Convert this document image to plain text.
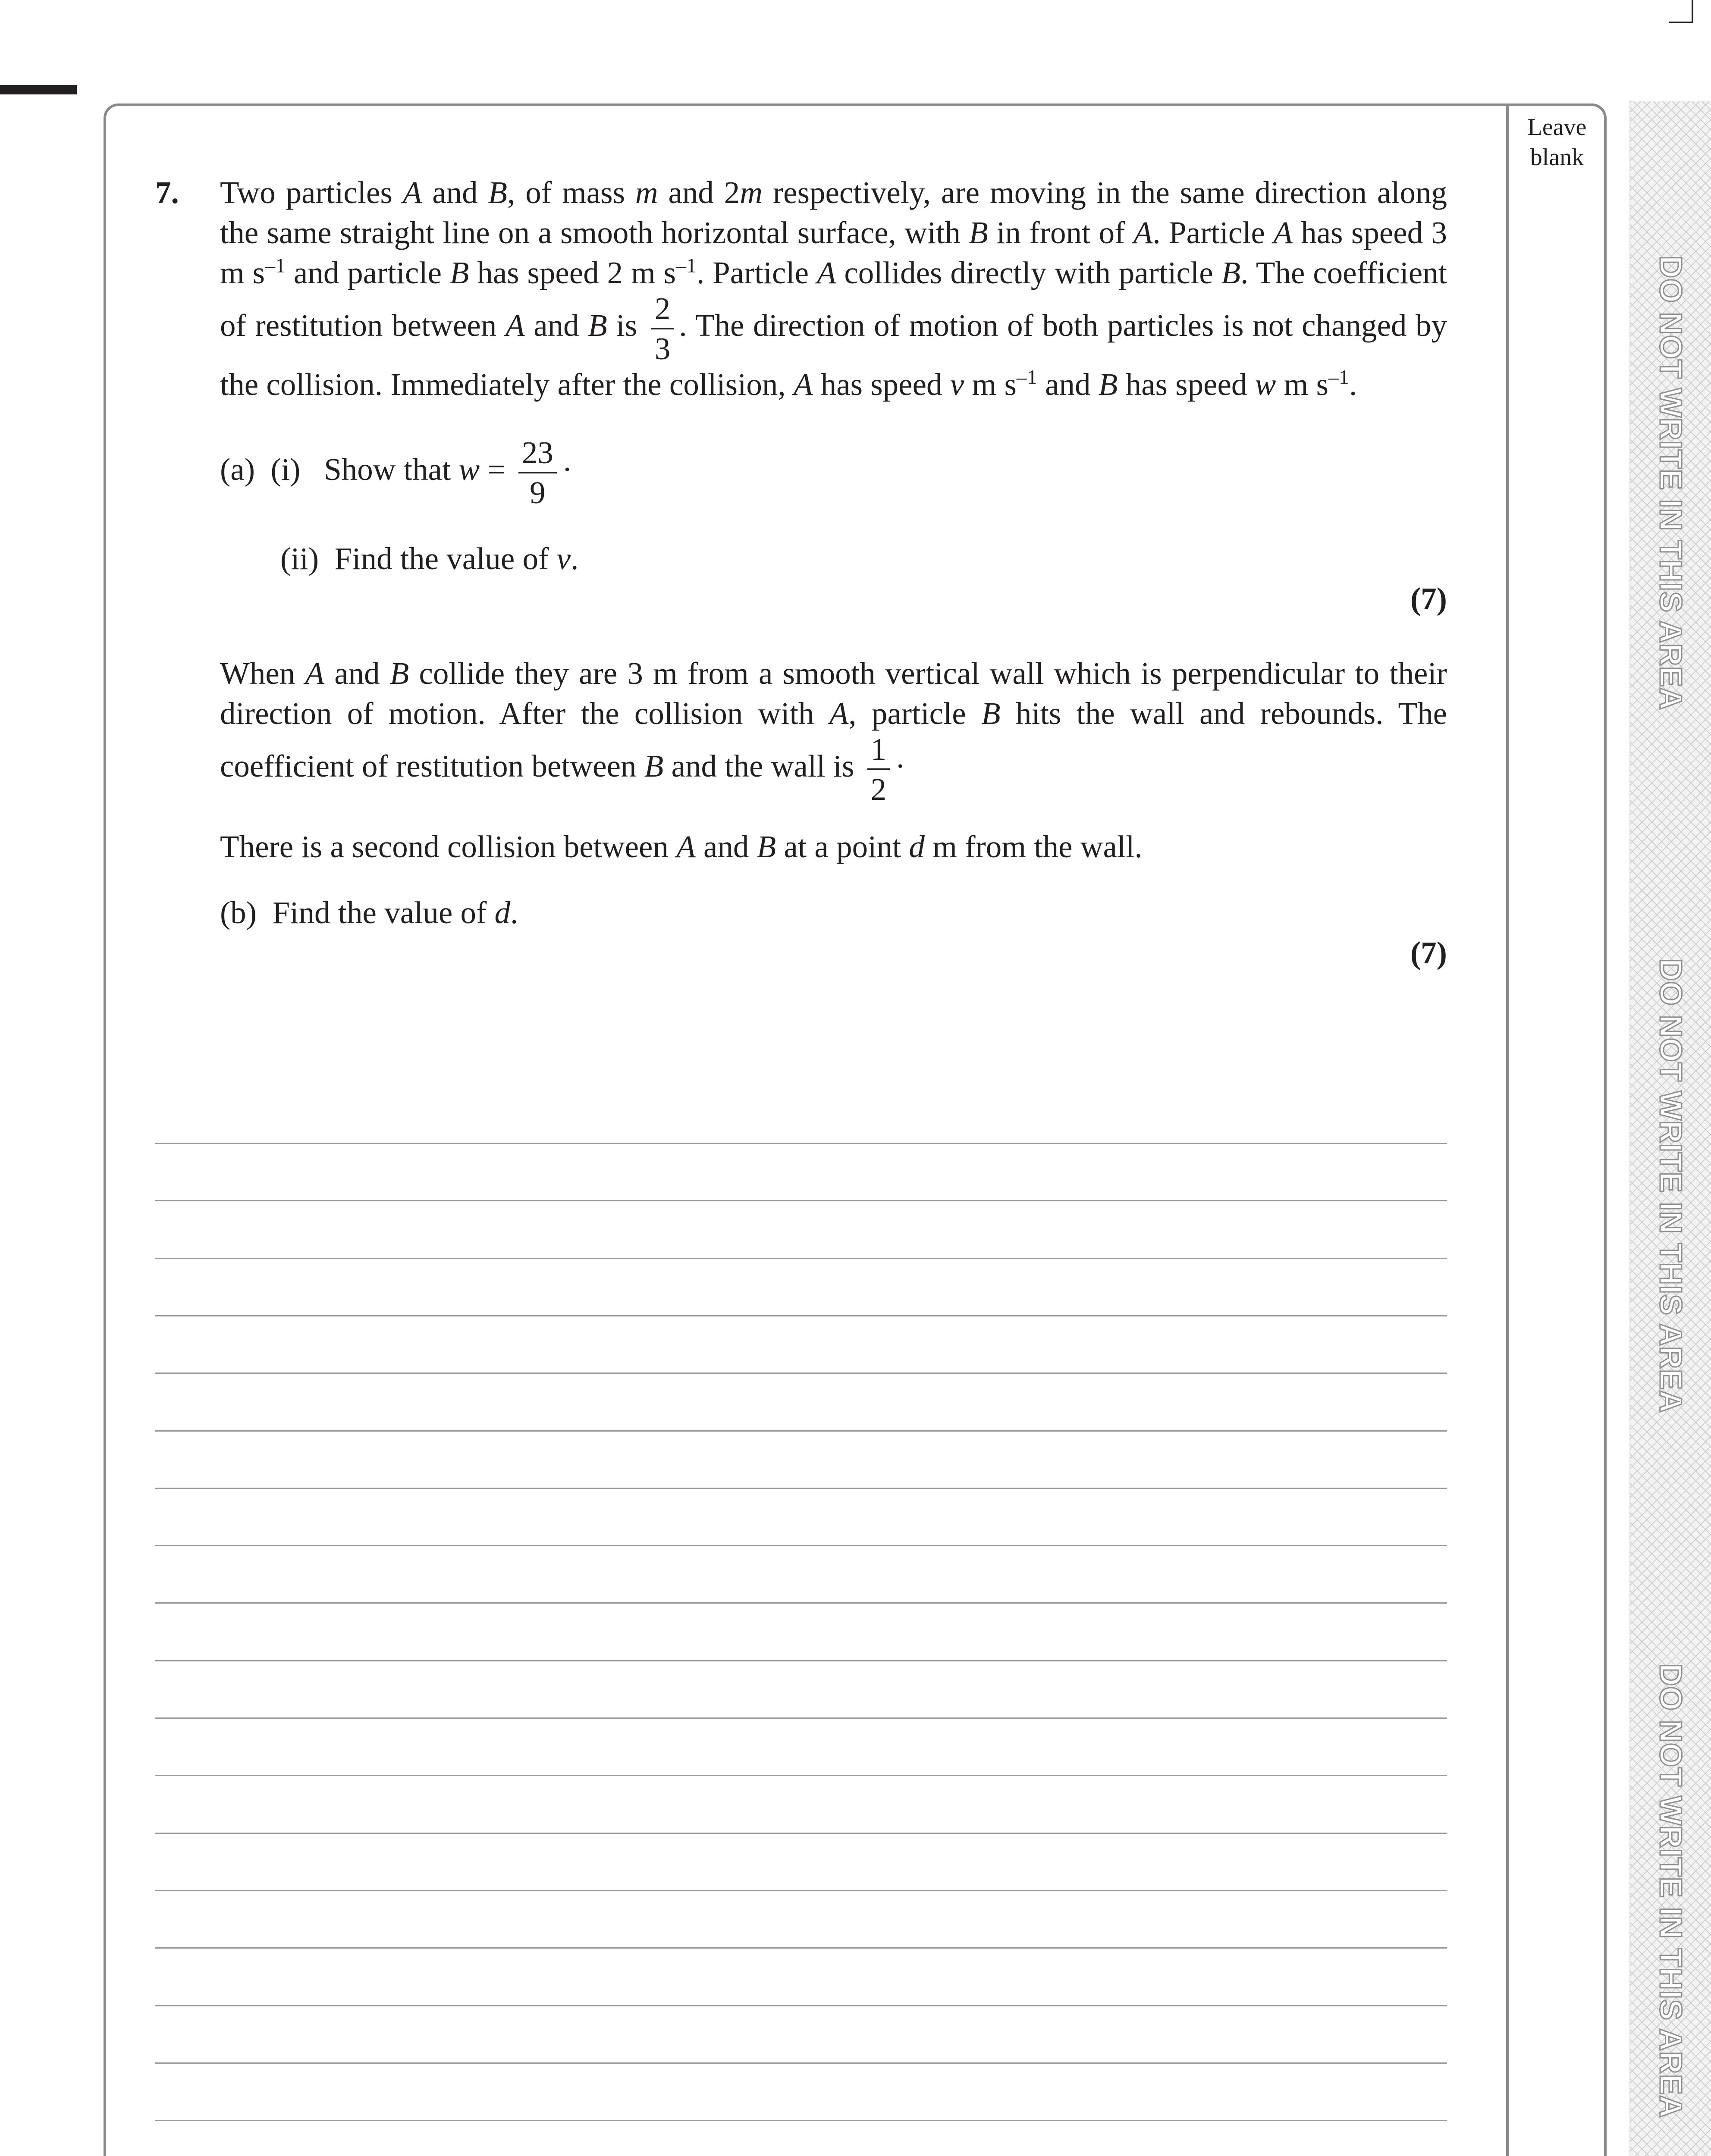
Leave blank
DO NOT WRITE IN THIS AREA
DO NOT WRITE IN THIS AREA
DO NOT WRITE IN THIS AREA
7. Two particles A and B, of mass m and 2m respectively, are moving in the same direction along the same straight line on a smooth horizontal surface, with B in front of A. Particle A has speed 3 m $s^{-1}$ and particle B has speed 2 m $s^{-1}$. Particle A collides directly with particle B. The coefficient of restitution between A and B is $\frac{2}{3}$ . The direction of motion of both particles is not changed by the collision. Immediately after the collision, A has speed v m $s^{-1}$ and B has speed w m $s^{-1}$.

(a) (i) Show that $w = \frac{23}{9}$ ·
(ii) Find the value of v.
(7)

When A and B collide they are 3 m from a smooth vertical wall which is perpendicular to their direction of motion. After the collision with A, particle B hits the wall and rebounds. The coefficient of restitution between B and the wall is $\frac{1}{2}$ ·

There is a second collision between A and B at a point d m from the wall.

(b) Find the value of d.
(7)
